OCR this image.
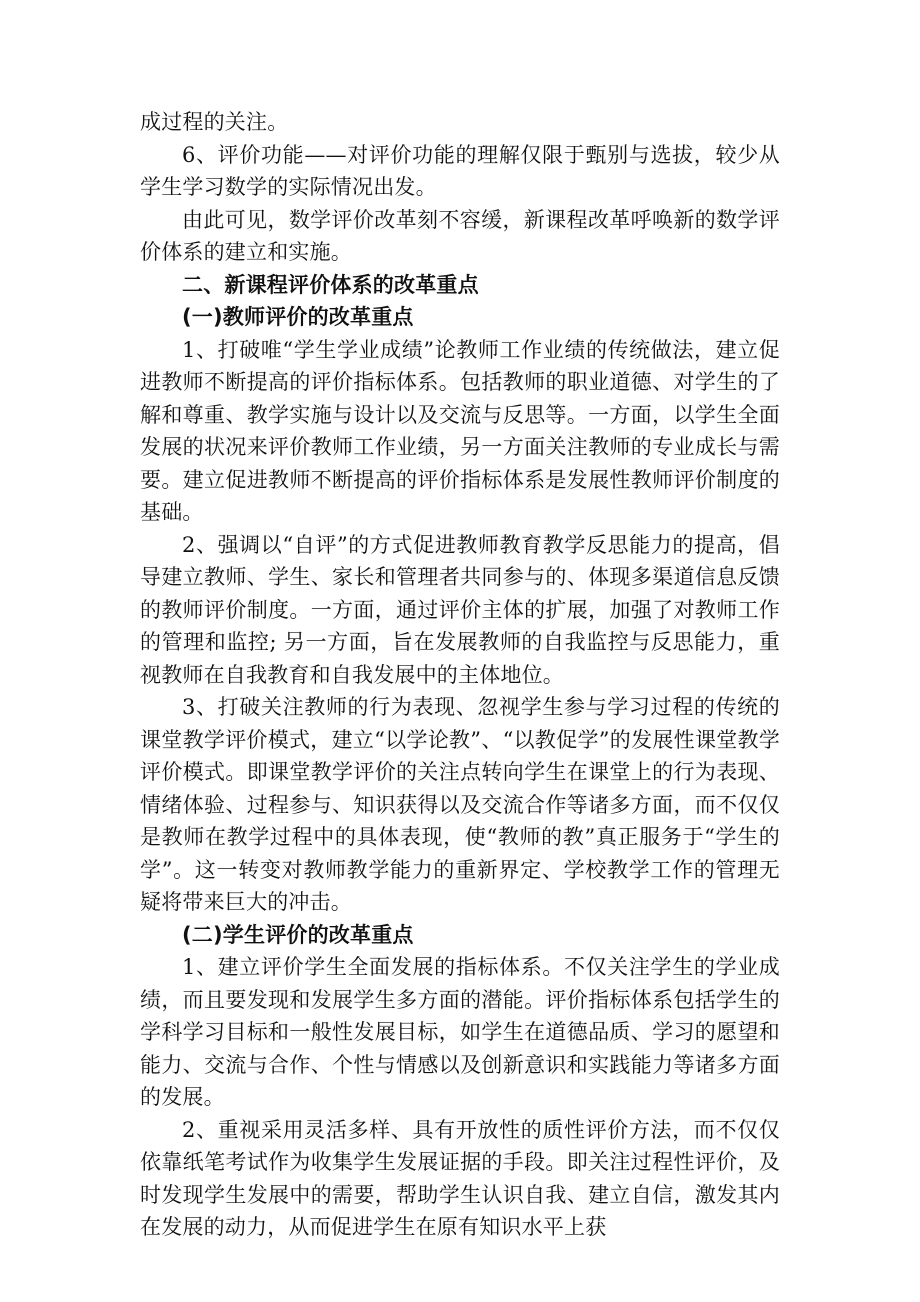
成过程的关注。

6、评价功能——对评价功能的理解仅限于甄别与选拔，较少从学生学习数学的实际情况出发。

由此可见，数学评价改革刻不容缓，新课程改革呼唤新的数学评价体系的建立和实施。

二、新课程评价体系的改革重点

(一)教师评价的改革重点

1、打破唯“学生学业成绩”论教师工作业绩的传统做法，建立促进教师不断提高的评价指标体系。包括教师的职业道德、对学生的了解和尊重、教学实施与设计以及交流与反思等。一方面，以学生全面发展的状况来评价教师工作业绩，另一方面关注教师的专业成长与需要。建立促进教师不断提高的评价指标体系是发展性教师评价制度的基础。

2、强调以“自评”的方式促进教师教育教学反思能力的提高，倡导建立教师、学生、家长和管理者共同参与的、体现多渠道信息反馈的教师评价制度。一方面，通过评价主体的扩展，加强了对教师工作的管理和监控; 另一方面，旨在发展教师的自我监控与反思能力，重视教师在自我教育和自我发展中的主体地位。

3、打破关注教师的行为表现、忽视学生参与学习过程的传统的课堂教学评价模式，建立“以学论教”、“以教促学”的发展性课堂教学评价模式。即课堂教学评价的关注点转向学生在课堂上的行为表现、情绪体验、过程参与、知识获得以及交流合作等诸多方面，而不仅仅是教师在教学过程中的具体表现，使“教师的教”真正服务于“学生的学”。这一转变对教师教学能力的重新界定、学校教学工作的管理无疑将带来巨大的冲击。

(二)学生评价的改革重点

1、建立评价学生全面发展的指标体系。不仅关注学生的学业成绩，而且要发现和发展学生多方面的潜能。评价指标体系包括学生的学科学习目标和一般性发展目标，如学生在道德品质、学习的愿望和能力、交流与合作、个性与情感以及创新意识和实践能力等诸多方面的发展。

2、重视采用灵活多样、具有开放性的质性评价方法，而不仅仅依靠纸笔考试作为收集学生发展证据的手段。即关注过程性评价，及时发现学生发展中的需要，帮助学生认识自我、建立自信，激发其内在发展的动力，从而促进学生在原有知识水平上获
